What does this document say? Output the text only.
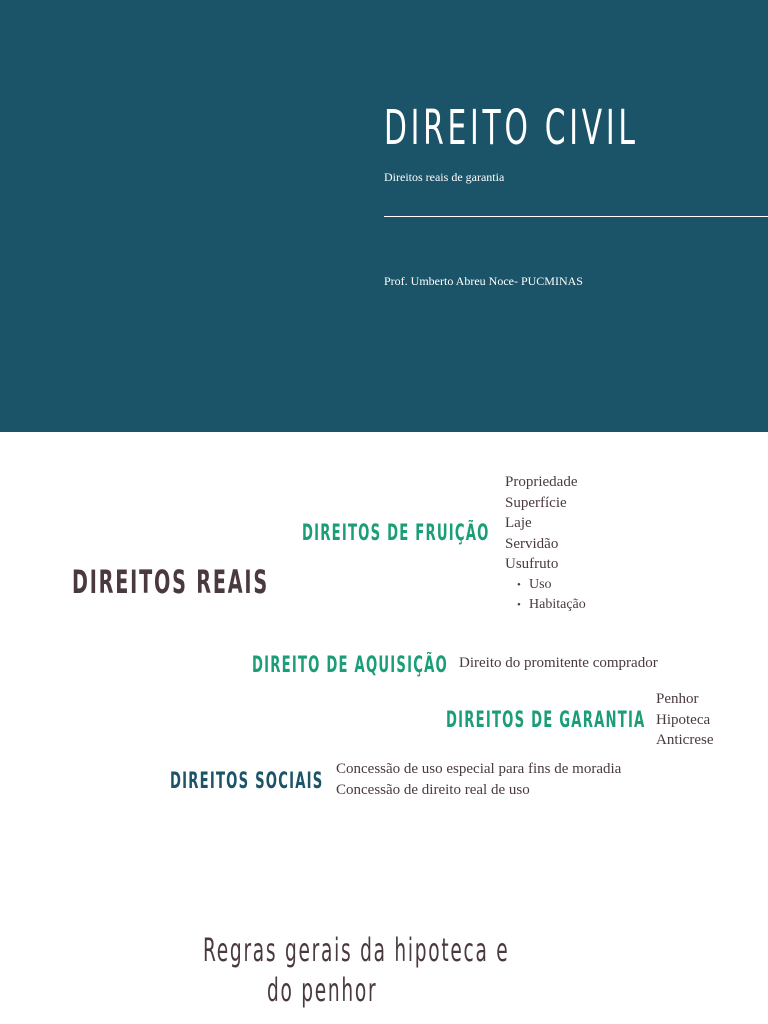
DIREITO CIVIL
Direitos reais de garantia
Prof. Umberto Abreu Noce- PUCMINAS
DIREITOS REAIS
DIREITOS DE FRUIÇÃO
Propriedade
Superfície
Laje
Servidão
Usufruto
• Uso
• Habitação
DIREITO DE AQUISIÇÃO Direito do promitente comprador
DIREITOS DE GARANTIA
Penhor
Hipoteca
Anticrese
DIREITOS SOCIAIS Concessão de uso especial para fins de moradia
Concessão de direito real de uso
Regras gerais da hipoteca e
do penhor
